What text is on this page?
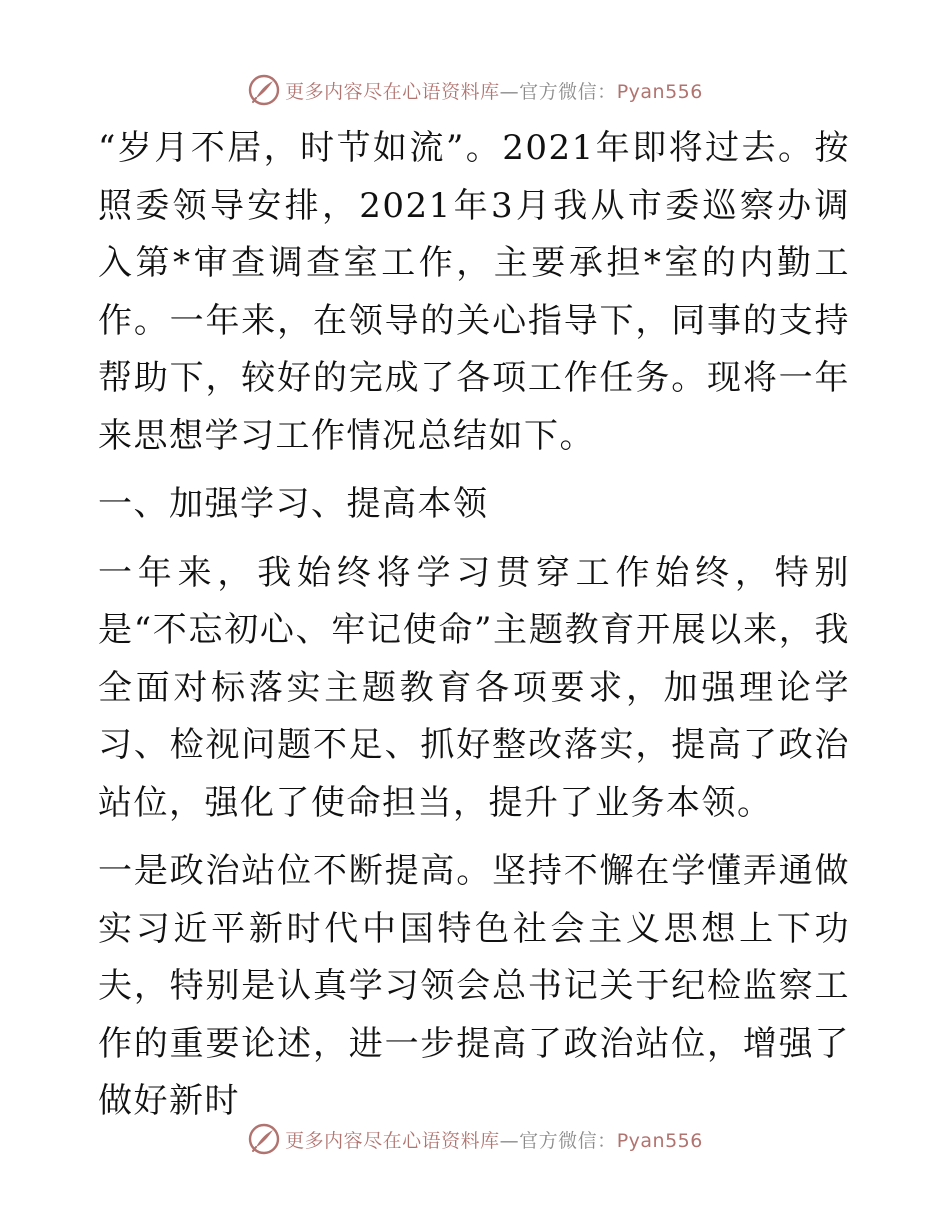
更多内容尽在心语资料库—官方微信：Pyan556

“岁月不居，时节如流”。2021年即将过去。按照委领导安排，2021年3月我从市委巡察办调入第*审查调查室工作，主要承担*室的内勤工作。一年来，在领导的关心指导下，同事的支持帮助下，较好的完成了各项工作任务。现将一年来思想学习工作情况总结如下。

一、加强学习、提高本领

一年来，我始终将学习贯穿工作始终，特别是“不忘初心、牢记使命”主题教育开展以来，我全面对标落实主题教育各项要求，加强理论学习、检视问题不足、抓好整改落实，提高了政治站位，强化了使命担当，提升了业务本领。

一是政治站位不断提高。坚持不懈在学懂弄通做实习近平新时代中国特色社会主义思想上下功夫，特别是认真学习领会总书记关于纪检监察工作的重要论述，进一步提高了政治站位，增强了做好新时

更多内容尽在心语资料库—官方微信：Pyan556
